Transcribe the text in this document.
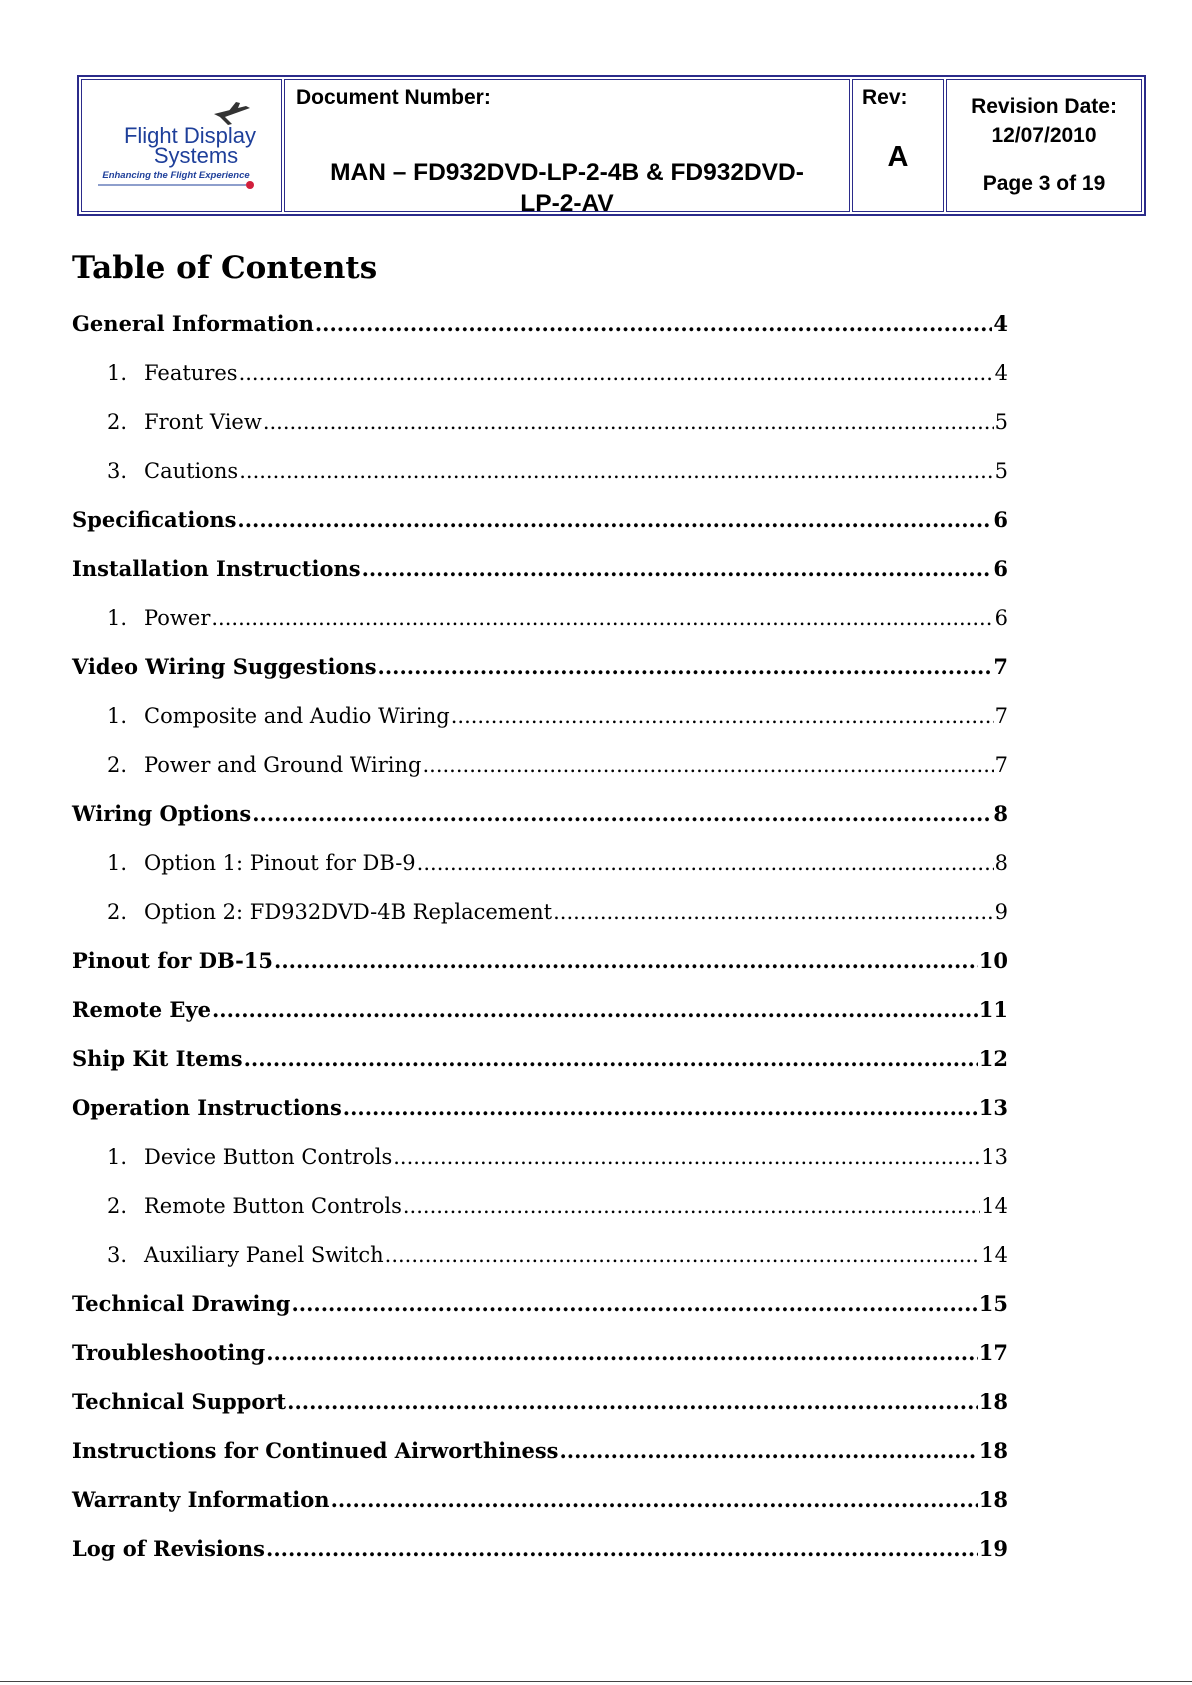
Flight Display
Systems
Enhancing the Flight Experience
Document Number:
MAN – FD932DVD-LP-2-4B & FD932DVD-
LP-2-AV
Rev:
A
Revision Date:
12/07/2010
Page 3 of 19
Table of Contents
General Information .....	4
1. Features .....	4
2. Front View .....	5
3. Cautions .....	5
Specifications .....	6
Installation Instructions .....	6
1. Power .....	6
Video Wiring Suggestions .....	7
1. Composite and Audio Wiring .....	7
2. Power and Ground Wiring .....	7
Wiring Options .....	8
1. Option 1: Pinout for DB-9 .....	8
2. Option 2: FD932DVD-4B Replacement .....	9
Pinout for DB-15 .....	10
Remote Eye .....	11
Ship Kit Items .....	12
Operation Instructions .....	13
1. Device Button Controls .....	13
2. Remote Button Controls .....	14
3. Auxiliary Panel Switch .....	14
Technical Drawing .....	15
Troubleshooting .....	17
Technical Support .....	18
Instructions for Continued Airworthiness .....	18
Warranty Information .....	18
Log of Revisions .....	19
